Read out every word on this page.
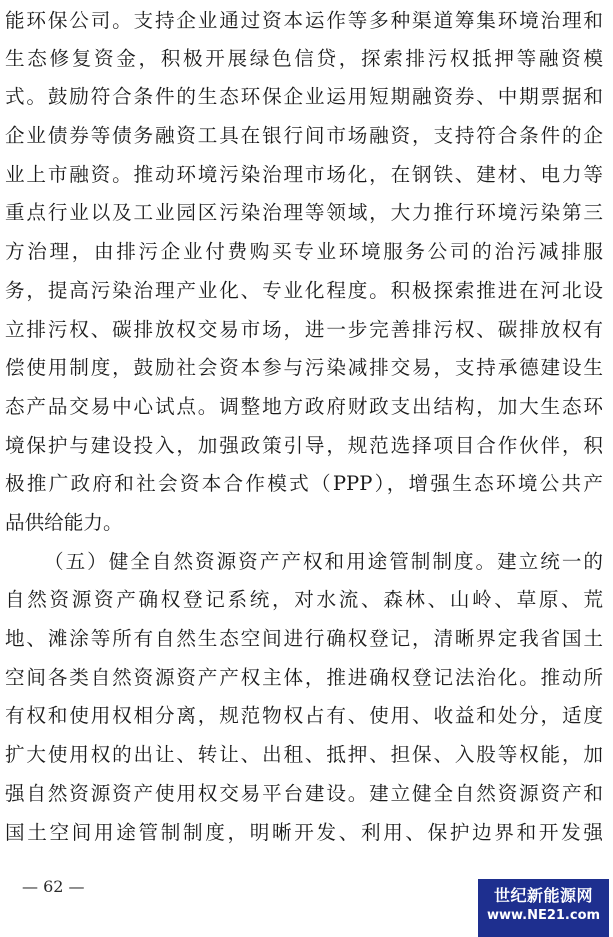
能环保公司。支持企业通过资本运作等多种渠道筹集环境治理和
生态修复资金，积极开展绿色信贷，探索排污权抵押等融资模
式。鼓励符合条件的生态环保企业运用短期融资券、中期票据和
企业债券等债务融资工具在银行间市场融资，支持符合条件的企
业上市融资。推动环境污染治理市场化，在钢铁、建材、电力等
重点行业以及工业园区污染治理等领域，大力推行环境污染第三
方治理，由排污企业付费购买专业环境服务公司的治污减排服
务，提高污染治理产业化、专业化程度。积极探索推进在河北设
立排污权、碳排放权交易市场，进一步完善排污权、碳排放权有
偿使用制度，鼓励社会资本参与污染减排交易，支持承德建设生
态产品交易中心试点。调整地方政府财政支出结构，加大生态环
境保护与建设投入，加强政策引导，规范选择项目合作伙伴，积
极推广政府和社会资本合作模式（PPP），增强生态环境公共产
品供给能力。
（五）健全自然资源资产产权和用途管制制度。建立统一的
自然资源资产确权登记系统，对水流、森林、山岭、草原、荒
地、滩涂等所有自然生态空间进行确权登记，清晰界定我省国土
空间各类自然资源资产产权主体，推进确权登记法治化。推动所
有权和使用权相分离，规范物权占有、使用、收益和处分，适度
扩大使用权的出让、转让、出租、抵押、担保、入股等权能，加
强自然资源资产使用权交易平台建设。建立健全自然资源资产和
国土空间用途管制制度，明晰开发、利用、保护边界和开发强
— 62 —	世纪新能源网
www.NE21.com
